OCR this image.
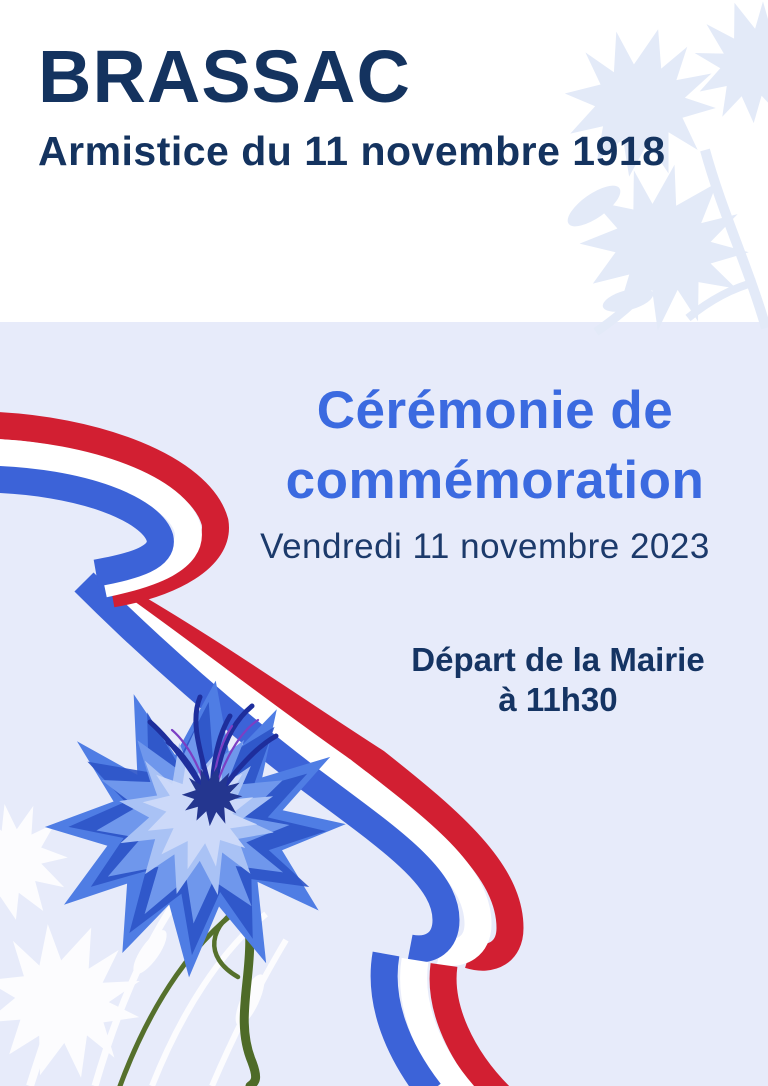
BRASSAC
Armistice du 11 novembre 1918
Cérémonie de
commémoration
Vendredi 11 novembre 2023
Départ de la Mairie
à 11h30
